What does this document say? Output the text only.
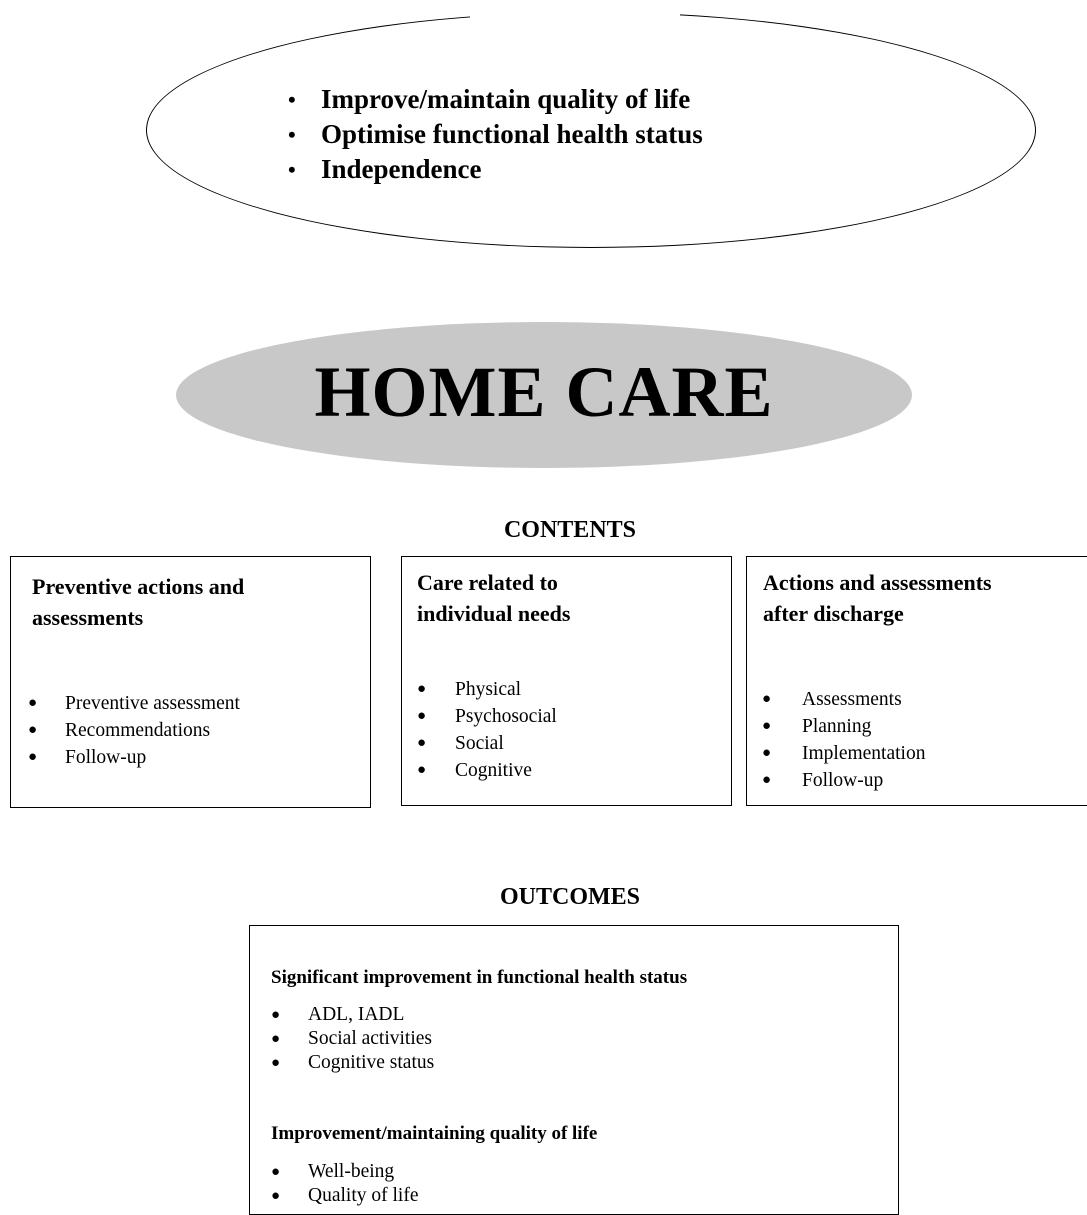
• Improve/maintain quality of life
• Optimise functional health status
• Independence
HOME CARE
CONTENTS
Preventive actions and
assessments
●	Preventive assessment
●	Recommendations
●	Follow-up
Care related to
individual needs
●	Physical
●	Psychosocial
●	Social
●	Cognitive
Actions and assessments
after discharge
●	Assessments
●	Planning
●	Implementation
●	Follow-up
OUTCOMES
Significant improvement in functional health status
●	ADL, IADL
●	Social activities
●	Cognitive status
Improvement/maintaining quality of life
●	Well-being
●	Quality of life
